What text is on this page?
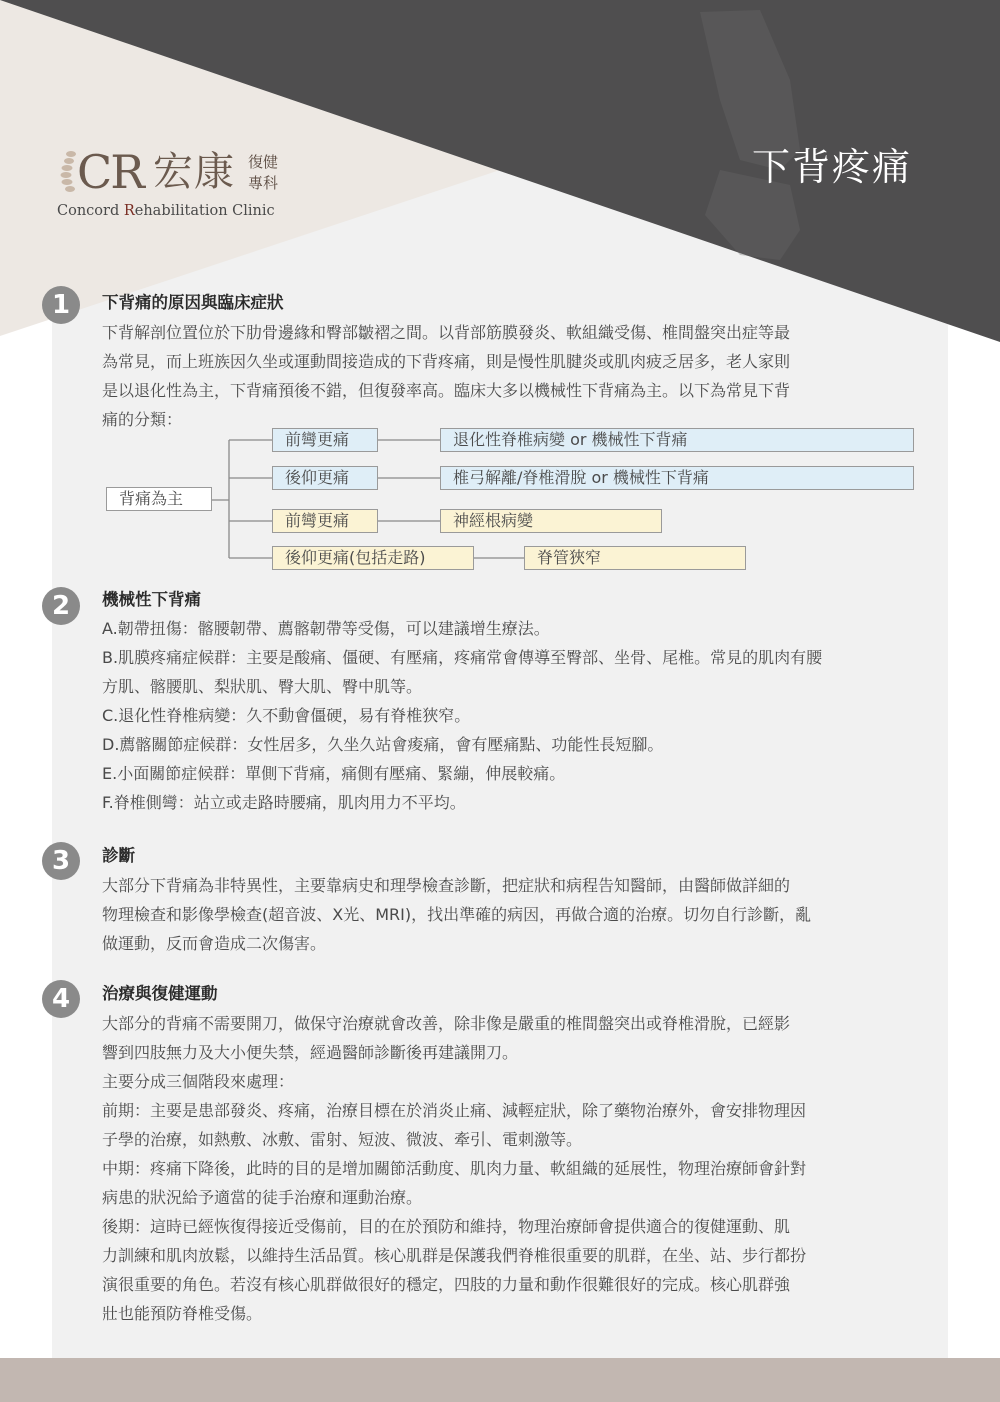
下背疼痛
CR 宏康 復健
專科
Concord Rehabilitation Clinic
1	下背痛的原因與臨床症狀
下背解剖位置位於下肋骨邊緣和臀部皺褶之間。以背部筋膜發炎、軟組織受傷、椎間盤突出症等最
為常見，而上班族因久坐或運動間接造成的下背疼痛，則是慢性肌腱炎或肌肉疲乏居多，老人家則
是以退化性為主，下背痛預後不錯，但復發率高。臨床大多以機械性下背痛為主。以下為常見下背
痛的分類：
背痛為主
前彎更痛	退化性脊椎病變 or 機械性下背痛
後仰更痛	椎弓解離/脊椎滑脫 or 機械性下背痛
前彎更痛	神經根病變
後仰更痛(包括走路)	脊管狹窄
2	機械性下背痛
A.韌帶扭傷：髂腰韌帶、薦髂韌帶等受傷，可以建議增生療法。
B.肌膜疼痛症候群：主要是酸痛、僵硬、有壓痛，疼痛常會傳導至臀部、坐骨、尾椎。常見的肌肉有腰
方肌、髂腰肌、梨狀肌、臀大肌、臀中肌等。
C.退化性脊椎病變：久不動會僵硬，易有脊椎狹窄。
D.薦髂關節症候群：女性居多，久坐久站會痠痛，會有壓痛點、功能性長短腳。
E.小面關節症候群：單側下背痛，痛側有壓痛、緊繃，伸展較痛。
F.脊椎側彎：站立或走路時腰痛，肌肉用力不平均。
3	診斷
大部分下背痛為非特異性，主要靠病史和理學檢查診斷，把症狀和病程告知醫師，由醫師做詳細的
物理檢查和影像學檢查(超音波、X光、MRI)，找出準確的病因，再做合適的治療。切勿自行診斷，亂
做運動，反而會造成二次傷害。
4	治療與復健運動
大部分的背痛不需要開刀，做保守治療就會改善，除非像是嚴重的椎間盤突出或脊椎滑脫，已經影
響到四肢無力及大小便失禁，經過醫師診斷後再建議開刀。
主要分成三個階段來處理：
前期：主要是患部發炎、疼痛，治療目標在於消炎止痛、減輕症狀，除了藥物治療外，會安排物理因
子學的治療，如熱敷、冰敷、雷射、短波、微波、牽引、電刺激等。
中期：疼痛下降後，此時的目的是增加關節活動度、肌肉力量、軟組織的延展性，物理治療師會針對
病患的狀況給予適當的徒手治療和運動治療。
後期：這時已經恢復得接近受傷前，目的在於預防和維持，物理治療師會提供適合的復健運動、肌
力訓練和肌肉放鬆，以維持生活品質。核心肌群是保護我們脊椎很重要的肌群，在坐、站、步行都扮
演很重要的角色。若沒有核心肌群做很好的穩定，四肢的力量和動作很難很好的完成。核心肌群強
壯也能預防脊椎受傷。
